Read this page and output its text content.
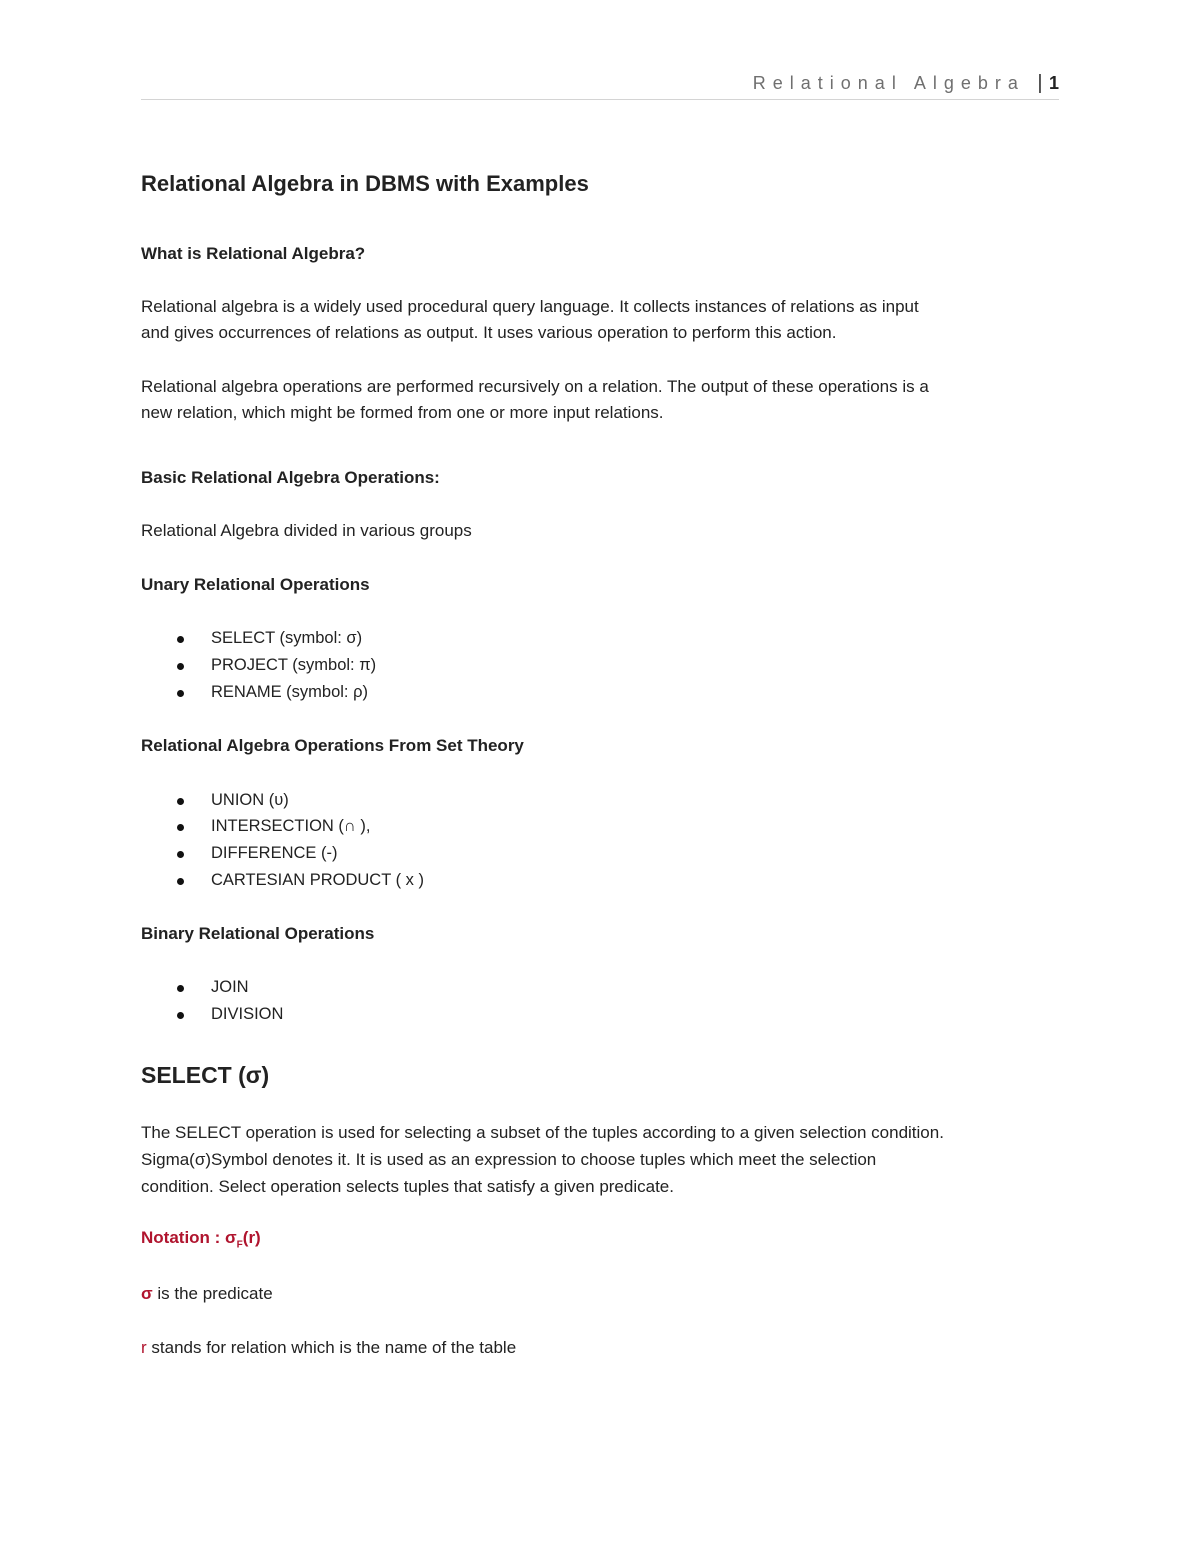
Relational Algebra | 1
Relational Algebra in DBMS with Examples
What is Relational Algebra?
Relational algebra is a widely used procedural query language. It collects instances of relations as input
and gives occurrences of relations as output. It uses various operation to perform this action.
Relational algebra operations are performed recursively on a relation. The output of these operations is a
new relation, which might be formed from one or more input relations.
Basic Relational Algebra Operations:
Relational Algebra divided in various groups
Unary Relational Operations
SELECT (symbol: σ)
PROJECT (symbol: π)
RENAME (symbol: ρ)
Relational Algebra Operations From Set Theory
UNION (υ)
INTERSECTION (∩ ),
DIFFERENCE (-)
CARTESIAN PRODUCT ( x )
Binary Relational Operations
JOIN
DIVISION
SELECT (σ)
The SELECT operation is used for selecting a subset of the tuples according to a given selection condition.
Sigma(σ)Symbol denotes it. It is used as an expression to choose tuples which meet the selection
condition. Select operation selects tuples that satisfy a given predicate.
Notation : $\sigma_F(r)$
σ is the predicate
r stands for relation which is the name of the table
